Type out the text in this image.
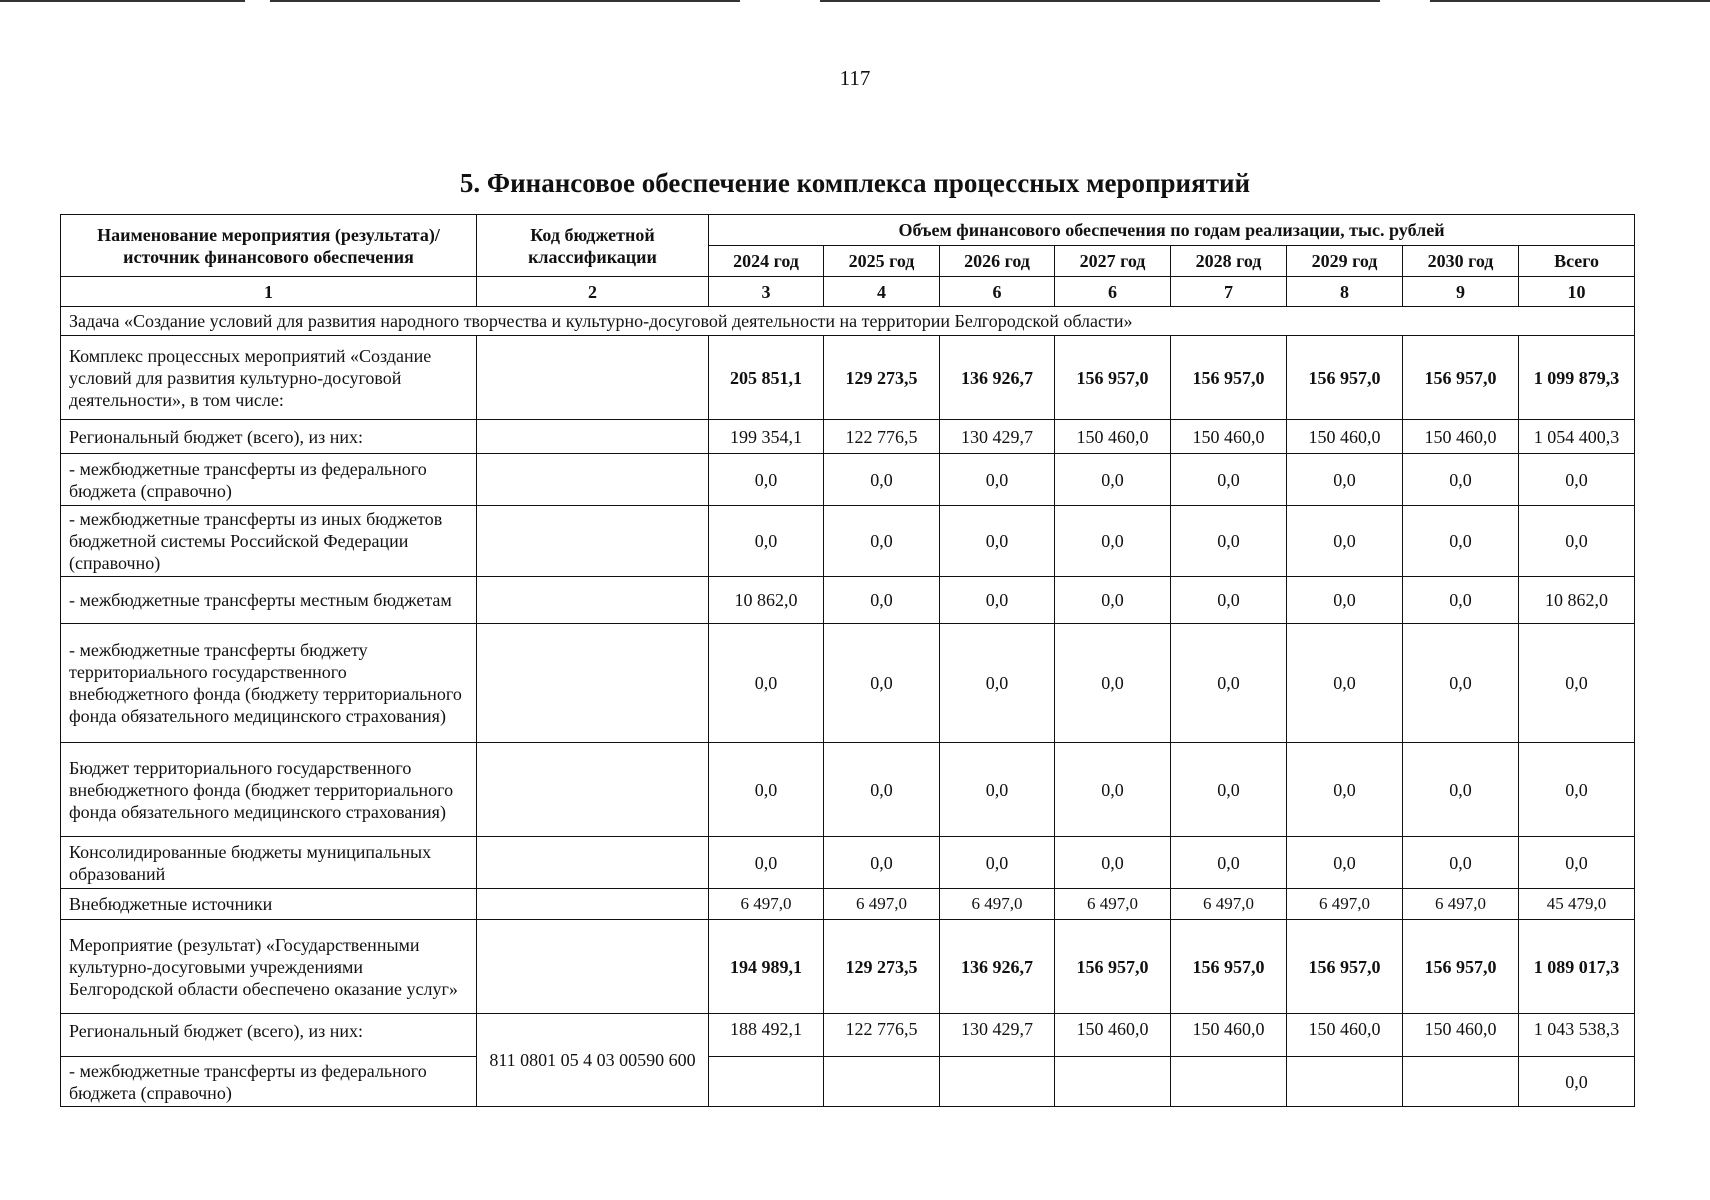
117
5. Финансовое обеспечение комплекса процессных мероприятий
Наименование мероприятия (результата)/ источник финансового обеспечения	Код бюджетной классификации	Объем финансового обеспечения по годам реализации, тыс. рублей							
		2024 год	2025 год	2026 год	2027 год	2028 год	2029 год	2030 год	Всего
1	2	3	4	6	6	7	8	9	10
Задача «Создание условий для развития народного творчества и культурно-досуговой деятельности на территории Белгородской области»									
Комплекс процессных мероприятий «Создание условий для развития культурно-досуговой деятельности», в том числе:		205 851,1	129 273,5	136 926,7	156 957,0	156 957,0	156 957,0	156 957,0	1 099 879,3
Региональный бюджет (всего), из них:		199 354,1	122 776,5	130 429,7	150 460,0	150 460,0	150 460,0	150 460,0	1 054 400,3
- межбюджетные трансферты из федерального бюджета (справочно)		0,0	0,0	0,0	0,0	0,0	0,0	0,0	0,0
- межбюджетные трансферты из иных бюджетов бюджетной системы Российской Федерации (справочно)		0,0	0,0	0,0	0,0	0,0	0,0	0,0	0,0
- межбюджетные трансферты местным бюджетам		10 862,0	0,0	0,0	0,0	0,0	0,0	0,0	10 862,0
- межбюджетные трансферты бюджету территориального государственного внебюджетного фонда (бюджету территориального фонда обязательного медицинского страхования)		0,0	0,0	0,0	0,0	0,0	0,0	0,0	0,0
Бюджет территориального государственного внебюджетного фонда (бюджет территориального фонда обязательного медицинского страхования)		0,0	0,0	0,0	0,0	0,0	0,0	0,0	0,0
Консолидированные бюджеты муниципальных образований		0,0	0,0	0,0	0,0	0,0	0,0	0,0	0,0
Внебюджетные источники		6 497,0	6 497,0	6 497,0	6 497,0	6 497,0	6 497,0	6 497,0	45 479,0
Мероприятие (результат) «Государственными культурно-досуговыми учреждениями Белгородской области обеспечено оказание услуг»		194 989,1	129 273,5	136 926,7	156 957,0	156 957,0	156 957,0	156 957,0	1 089 017,3
Региональный бюджет (всего), из них:	811 0801 05 4 03 00590 600	188 492,1	122 776,5	130 429,7	150 460,0	150 460,0	150 460,0	150 460,0	1 043 538,3
- межбюджетные трансферты из федерального бюджета (справочно)									0,0
